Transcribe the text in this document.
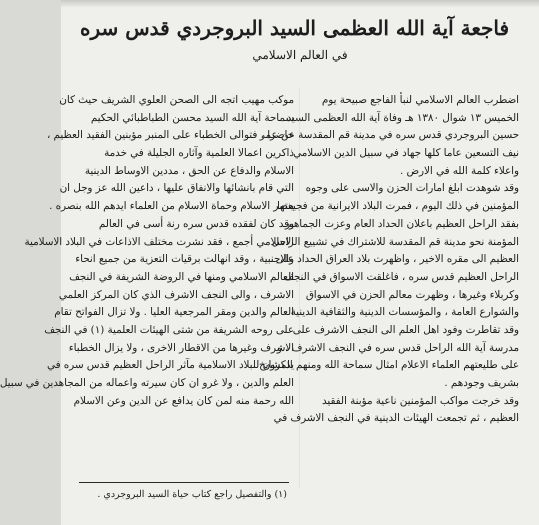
فاجعة آية الله العظمى السيد البروجردي قدس سره
في العالم الاسلامي
اضطرب العالم الاسلامي لنبأ الفاجع صبيحة يوم
الخميس ١٣ شوال ١٣٨٠ هـ وفاة آية الله العظمى السيد
حسين البروجردي قدس سره في مدينة قم المقدسة عن عمر
نيف التسعين عاما كلها جهاد في سبيل الدين الاسلامي
واعلاء كلمة الله في الارض .
وقد شوهدت ابلغ امارات الحزن والاسى على وجوه
المؤمنين في ذلك اليوم ، فمرت البلاد الايرانية من فجيعتها
بفقد الراحل العظيم باعلان الحداد العام وعزت الجماهير
المؤمنة نحو مدينة قم المقدسة للاشتراك في تشييع الراحل
العظيم الى مقره الاخير ، واظهرت بلاد العراق الحداد على
الراحل العظيم قدس سره ، فاغلقت الاسواق في النجف
وكربلاء وغيرها ، وظهرت معالم الحزن في الاسواق
والشوارع العامة ، والمؤسسات الدينية والثقافية الدينية .
وقد تقاطرت وفود اهل العلم الى النجف الاشرف على
مدرسة آية الله الراحل قدس سره في النجف الاشرف ، و
على طليعتهم العلماء الاعلام امثال سماحة الله ومنهم المشايخ
بشريف وجودهم .
وقد خرجت مواكب المؤمنين ناعية مؤبنة الفقيد
العظيم ، ثم تجمعت الهيئات الدينية في النجف الاشرف في
موكب مهيب اتجه الى الصحن العلوي الشريف حيث كان
سماحة آية الله السيد محسن الطباطبائي الحكيم
حاضرا ، فتوالى الخطباء على المنبر مؤبنين الفقيد العظيم ،
ذاكرين اعمالا العلمية وآثاره الجليلة في خدمة
الاسلام والدفاع عن الحق ، مددين الاوساط الدينية
التي قام بانشائها والانفاق عليها ، داعين الله عز وجل ان
ينصر الاسلام وحماة الاسلام من العلماء ايدهم الله بنصره .
وقد كان لفقده قدس سره رنة أسى في العالم
الاسلامي أجمع ، فقد نشرت مختلف الاذاعات في البلاد الاسلامية
والاجنبية ، وقد انهالت برقيات التعزية من جميع انحاء
العالم الاسلامي ومنها في الروضة الشريفة في النجف
الاشرف ، والى النجف الاشرف الذي كان المركز العلمي
العالم والدين ومقر المرجعية العليا . ولا تزال الفواتح تقام
على روحه الشريفة من شتى الهيئات العلمية (١) في النجف
الاشرف وغيرها من الاقطار الاخرى ، ولا يزال الخطباء
يذكرون للبلاد الاسلامية مآثر الراحل العظيم قدس سره في
العلم والدين ، ولا غرو ان كان سيرته واعماله من المجاهدين في سبيل
الله رحمة منه لمن كان يدافع عن الدين وعن الاسلام
(١) والتفصيل راجع كتاب حياة السيد البروجردي .
